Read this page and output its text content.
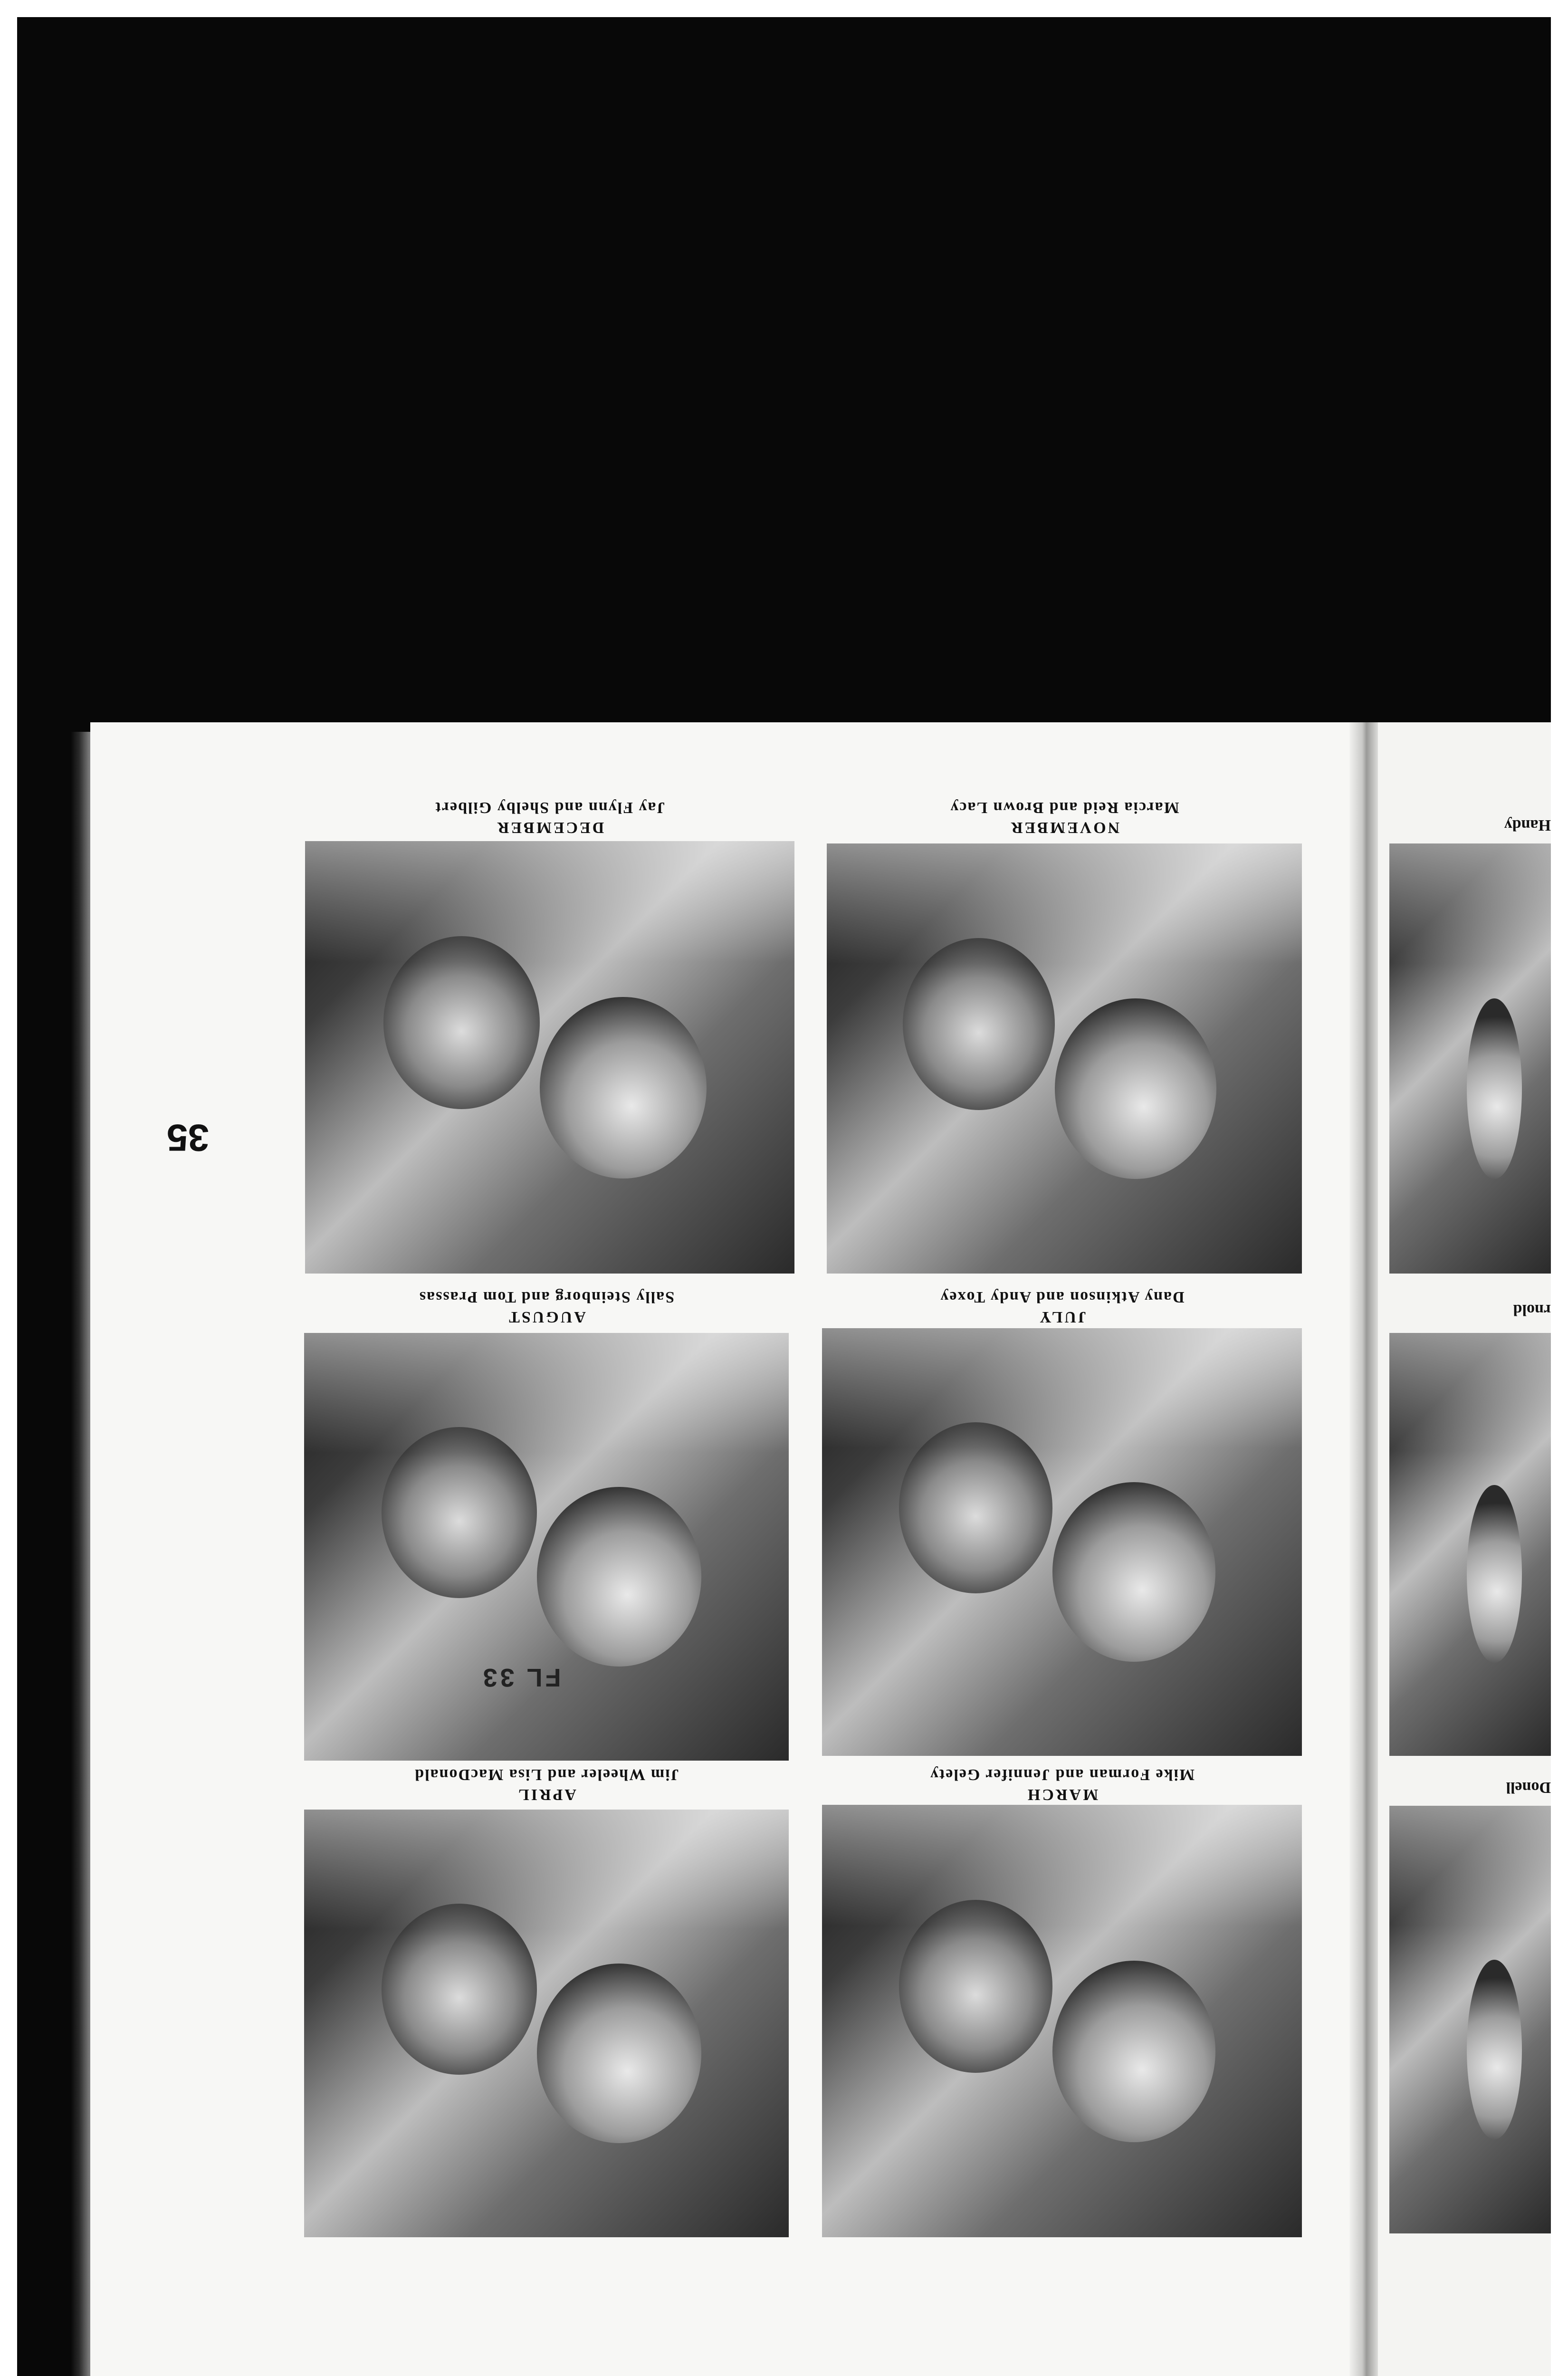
35
APRIL
Jim Wheeler and Lisa MacDonald
FL 33
AUGUST
Sally Steinborg and Tom Prassas
DECEMBER
Jay Flynn and Shelby Gilbert
MARCH
Mike Forman and Jennifer Gelety
JULY
Dany Atkinson and Andy Toxey
NOVEMBER
Marcia Reid and Brown Lacy
Donell
rnold
Handy
